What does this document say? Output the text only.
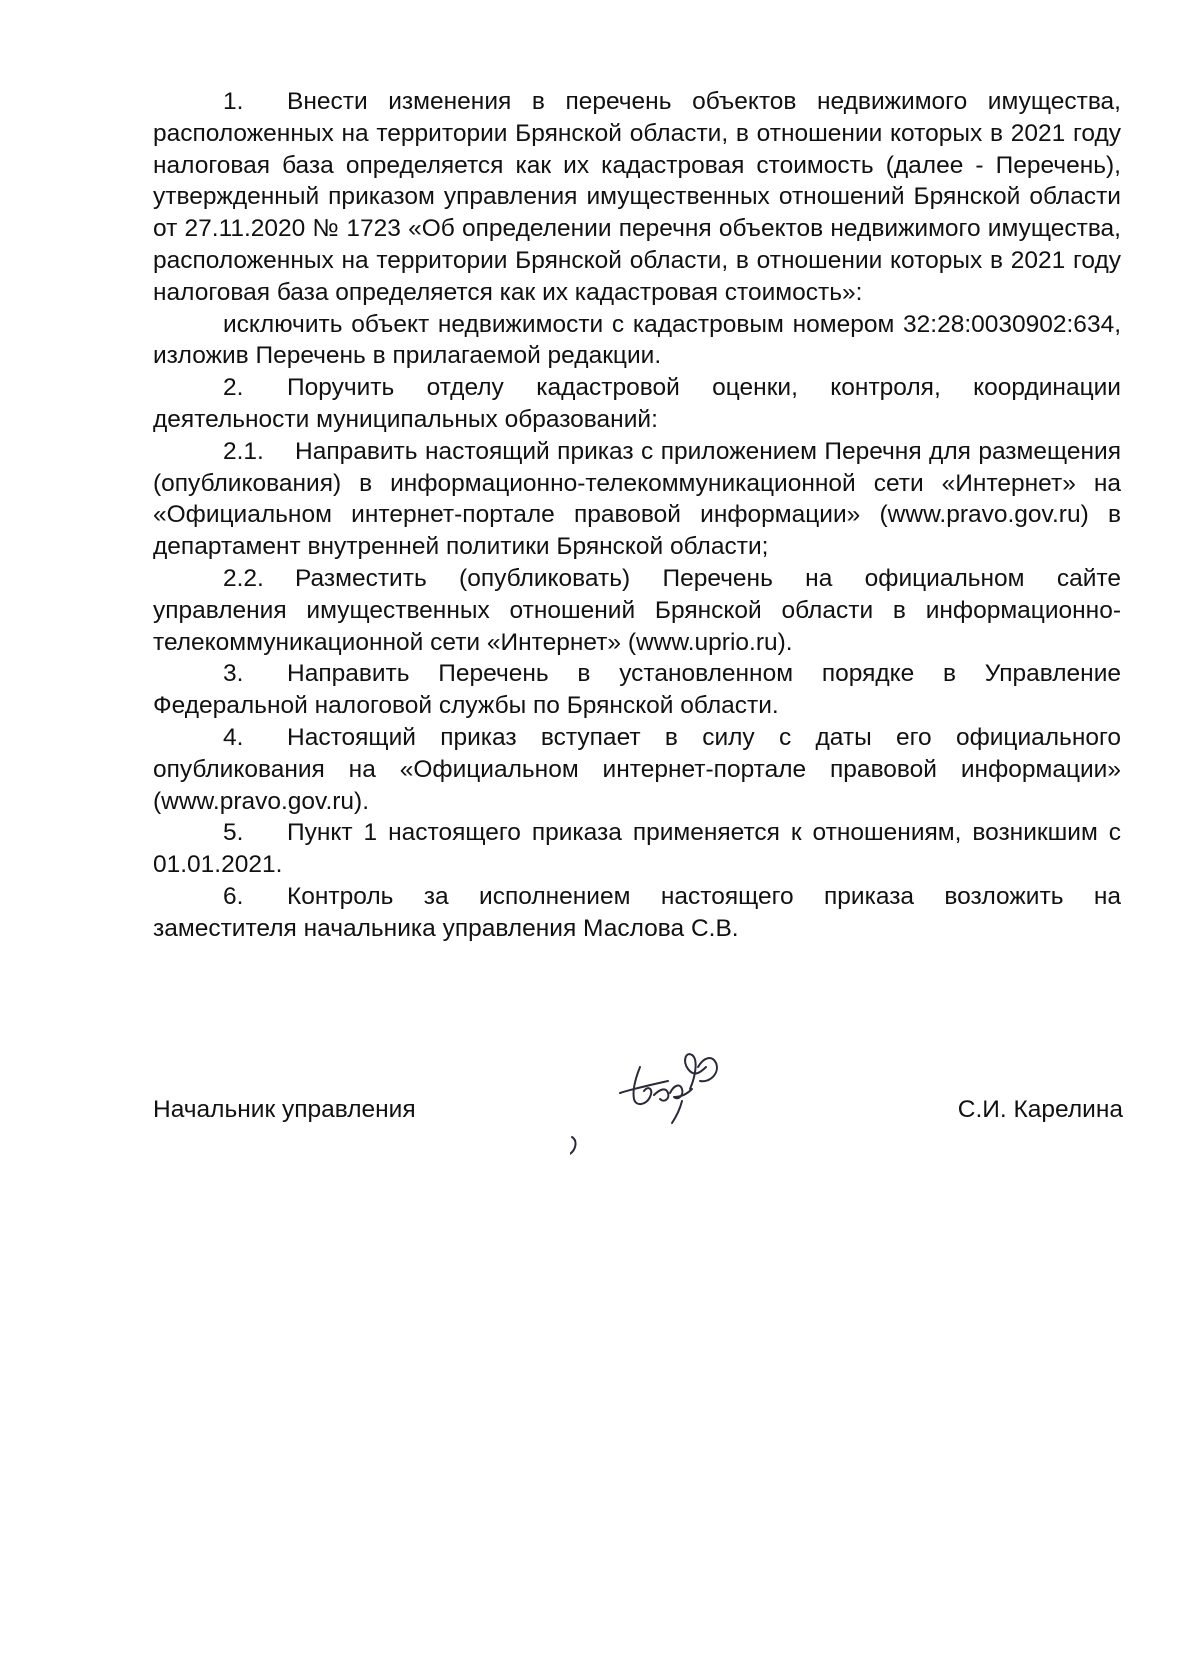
1. Внести изменения в перечень объектов недвижимого имущества, расположенных на территории Брянской области, в отношении которых в 2021 году налоговая база определяется как их кадастровая стоимость (далее - Перечень), утвержденный приказом управления имущественных отношений Брянской области от 27.11.2020 № 1723 «Об определении перечня объектов недвижимого имущества, расположенных на территории Брянской области, в отношении которых в 2021 году налоговая база определяется как их кадастровая стоимость»:

исключить объект недвижимости с кадастровым номером 32:28:0030902:634, изложив Перечень в прилагаемой редакции.

2. Поручить отделу кадастровой оценки, контроля, координации деятельности муниципальных образований:

2.1. Направить настоящий приказ с приложением Перечня для размещения (опубликования) в информационно-телекоммуникационной сети «Интернет» на «Официальном интернет-портале правовой информации» (www.pravo.gov.ru) в департамент внутренней политики Брянской области;

2.2. Разместить (опубликовать) Перечень на официальном сайте управления имущественных отношений Брянской области в информационно-телекоммуникационной сети «Интернет» (www.uprio.ru).

3. Направить Перечень в установленном порядке в Управление Федеральной налоговой службы по Брянской области.

4. Настоящий приказ вступает в силу с даты его официального опубликования на «Официальном интернет-портале правовой информации» (www.pravo.gov.ru).

5. Пункт 1 настоящего приказа применяется к отношениям, возникшим с 01.01.2021.

6. Контроль за исполнением настоящего приказа возложить на заместителя начальника управления Маслова С.В.

Начальник управления	С.И. Карелина
